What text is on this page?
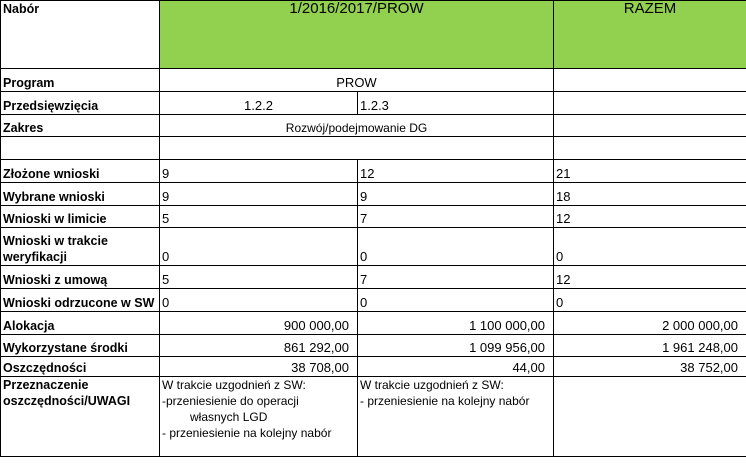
Nabór	1/2016/2017/PROW		RAZEM
Program	PROW		
Przedsięwzięcia	1.2.2	1.2.3	
Zakres	Rozwój/podejmowanie DG		

Złożone wnioski	9	12	21
Wybrane wnioski	9	9	18
Wnioski w limicie	5	7	12
Wnioski w trakcie weryfikacji	0	0	0
Wnioski z umową	5	7	12
Wnioski odrzucone w SW	0	0	0
Alokacja	900 000,00	1 100 000,00	2 000 000,00
Wykorzystane środki	861 292,00	1 099 956,00	1 961 248,00
Oszczędności	38 708,00	44,00	38 752,00
Przeznaczenie oszczędności/UWAGI	W trakcie uzgodnień z SW:
-przeniesienie do operacji
własnych LGD
- przeniesienie na kolejny nabór	W trakcie uzgodnień z SW:
- przeniesienie na kolejny nabór	
